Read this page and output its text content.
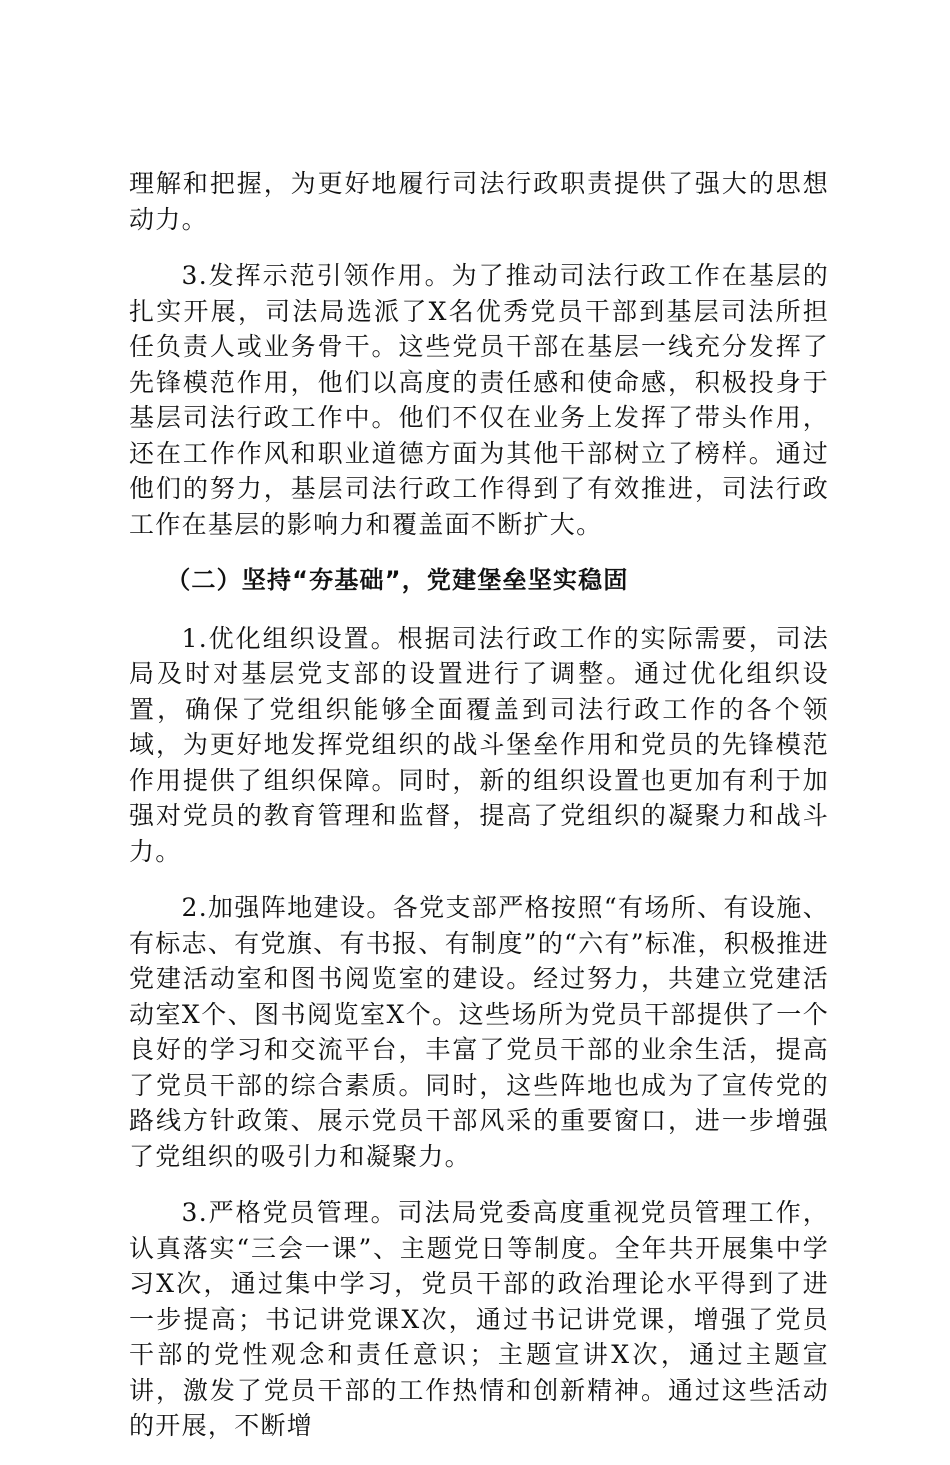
理解和把握，为更好地履行司法行政职责提供了强大的思想动力。

3.发挥示范引领作用。为了推动司法行政工作在基层的扎实开展，司法局选派了X名优秀党员干部到基层司法所担任负责人或业务骨干。这些党员干部在基层一线充分发挥了先锋模范作用，他们以高度的责任感和使命感，积极投身于基层司法行政工作中。他们不仅在业务上发挥了带头作用，还在工作作风和职业道德方面为其他干部树立了榜样。通过他们的努力，基层司法行政工作得到了有效推进，司法行政工作在基层的影响力和覆盖面不断扩大。

（二）坚持“夯基础”，党建堡垒坚实稳固

1.优化组织设置。根据司法行政工作的实际需要，司法局及时对基层党支部的设置进行了调整。通过优化组织设置，确保了党组织能够全面覆盖到司法行政工作的各个领域，为更好地发挥党组织的战斗堡垒作用和党员的先锋模范作用提供了组织保障。同时，新的组织设置也更加有利于加强对党员的教育管理和监督，提高了党组织的凝聚力和战斗力。

2.加强阵地建设。各党支部严格按照“有场所、有设施、有标志、有党旗、有书报、有制度”的“六有”标准，积极推进党建活动室和图书阅览室的建设。经过努力，共建立党建活动室X个、图书阅览室X个。这些场所为党员干部提供了一个良好的学习和交流平台，丰富了党员干部的业余生活，提高了党员干部的综合素质。同时，这些阵地也成为了宣传党的路线方针政策、展示党员干部风采的重要窗口，进一步增强了党组织的吸引力和凝聚力。

3.严格党员管理。司法局党委高度重视党员管理工作，认真落实“三会一课”、主题党日等制度。全年共开展集中学习X次，通过集中学习，党员干部的政治理论水平得到了进一步提高；书记讲党课X次，通过书记讲党课，增强了党员干部的党性观念和责任意识；主题宣讲X次，通过主题宣讲，激发了党员干部的工作热情和创新精神。通过这些活动的开展，不断增
